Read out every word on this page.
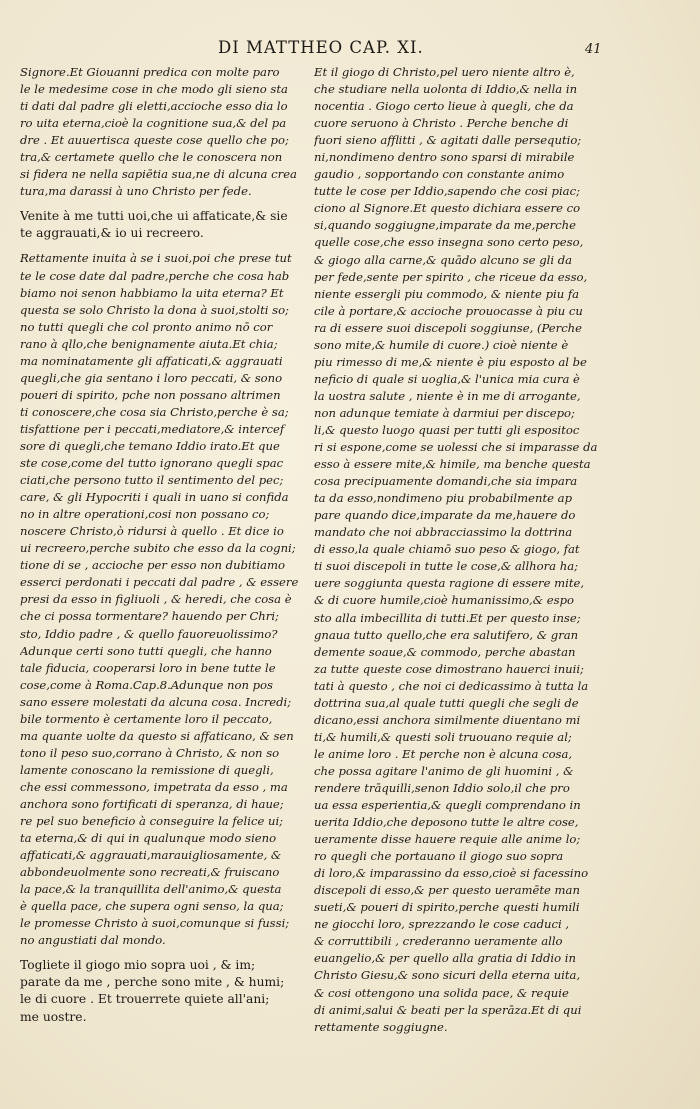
DI MATTHEO CAP. XI.	41
Signore.Et Giouanni predica con molte paro
le le medesime cose in che modo gli sieno sta
ti dati dal padre gli eletti,accioche esso dia lo
ro uita eterna,cioè la cognitione sua,& del pa
dre . Et auuertisca queste cose quello che po;
tra,& certamete quello che le conoscera non
si fidera ne nella sapiētia sua,ne di alcuna crea
tura,ma darassi à uno Christo per fede.
Venite à me tutti uoi,che ui affaticate,& sie
te aggrauati,& io ui recreero.
Rettamente inuita à se i suoi,poi che prese tut
te le cose date dal padre,perche che cosa hab
biamo noi senon habbiamo la uita eterna? Et
questa se solo Christo la dona à suoi,stolti so;
no tutti quegli che col pronto animo nō cor
rano à qllo,che benignamente aiuta.Et chia;
ma nominatamente gli affaticati,& aggrauati
quegli,che gia sentano i loro peccati, & sono
poueri di spirito, pche non possano altrimen
ti conoscere,che cosa sia Christo,perche è sa;
tisfattione per i peccati,mediatore,& intercef
sore di quegli,che temano Iddio irato.Et que
ste cose,come del tutto ignorano quegli spac
ciati,che persono tutto il sentimento del pec;
care, & gli Hypocriti i quali in uano si confida
no in altre operationi,cosi non possano co;
noscere Christo,ò ridursi à quello . Et dice io
ui recreero,perche subito che esso da la cogni;
tione di se , accioche per esso non dubitiamo
esserci perdonati i peccati dal padre , & essere
presi da esso in figliuoli , & heredi, che cosa è
che ci possa tormentare? hauendo per Chri;
sto, Iddio padre , & quello fauoreuolissimo?
Adunque certi sono tutti quegli, che hanno
tale fiducia, cooperarsi loro in bene tutte le
cose,come à Roma.Cap.8.Adunque non pos
sano essere molestati da alcuna cosa. Incredi;
bile tormento è certamente loro il peccato,
ma quante uolte da questo si affaticano, & sen
tono il peso suo,corrano à Christo, & non so
lamente conoscano la remissione di quegli,
che essi commessono, impetrata da esso , ma
anchora sono fortificati di speranza, di haue;
re pel suo beneficio à conseguire la felice ui;
ta eterna,& di qui in qualunque modo sieno
affaticati,& aggrauati,marauigliosamente, &
abbondeuolmente sono recreati,& fruiscano
la pace,& la tranquillita dell'animo,& questa
è quella pace, che supera ogni senso, la qua;
le promesse Christo à suoi,comunque si fussi;
no angustiati dal mondo.
Togliete il giogo mio sopra uoi , & im;
parate da me , perche sono mite , & humi;
le di cuore . Et trouerrete quiete all'ani;
me uostre.
Et il giogo di Christo,pel uero niente altro è,
che studiare nella uolonta di Iddio,& nella in
nocentia . Giogo certo lieue à quegli, che da
cuore seruono à Christo . Perche benche di
fuori sieno afflitti , & agitati dalle persequtio;
ni,nondimeno dentro sono sparsi di mirabile
gaudio , sopportando con constante animo
tutte le cose per Iddio,sapendo che cosi piac;
ciono al Signore.Et questo dichiara essere co
si,quando soggiugne,imparate da me,perche
quelle cose,che esso insegna sono certo peso,
& giogo alla carne,& quādo alcuno se gli da
per fede,sente per spirito , che riceue da esso,
niente essergli piu commodo, & niente piu fa
cile à portare,& accioche prouocasse à piu cu
ra di essere suoi discepoli soggiunse, (Perche
sono mite,& humile di cuore.) cioè niente è
piu rimesso di me,& niente è piu esposto al be
neficio di quale si uoglia,& l'unica mia cura è
la uostra salute , niente è in me di arrogante,
non adunque temiate à darmiui per discepo;
li,& questo luogo quasi per tutti gli espositoc
ri si espone,come se uolessi che si imparasse da
esso à essere mite,& himile, ma benche questa
cosa precipuamente domandi,che sia impara
ta da esso,nondimeno piu probabilmente ap
pare quando dice,imparate da me,hauere do
mandato che noi abbracciassimo la dottrina
di esso,la quale chiamō suo peso & giogo, fat
ti suoi discepoli in tutte le cose,& allhora ha;
uere soggiunta questa ragione di essere mite,
& di cuore humile,cioè humanissimo,& espo
sto alla imbecillita di tutti.Et per questo inse;
gnaua tutto quello,che era salutifero, & gran
demente soaue,& commodo, perche abastan
za tutte queste cose dimostrano hauerci inuii;
tati à questo , che noi ci dedicassimo à tutta la
dottrina sua,al quale tutti quegli che segli de
dicano,essi anchora similmente diuentano mi
ti,& humili,& questi soli truouano requie al;
le anime loro . Et perche non è alcuna cosa,
che possa agitare l'animo de gli huomini , &
rendere trāquilli,senon Iddio solo,il che pro
ua essa esperientia,& quegli comprendano in
uerita Iddio,che deposono tutte le altre cose,
ueramente disse hauere requie alle anime lo;
ro quegli che portauano il giogo suo sopra
di loro,& imparassino da esso,cioè si facessino
discepoli di esso,& per questo ueramēte man
sueti,& poueri di spirito,perche questi humili
ne giocchi loro, sprezzando le cose caduci ,
& corruttibili , crederanno ueramente allo
euangelio,& per quello alla gratia di Iddio in
Christo Giesu,& sono sicuri della eterna uita,
& cosi ottengono una solida pace, & requie
di animi,salui & beati per la sperāza.Et di qui
rettamente soggiugne.
